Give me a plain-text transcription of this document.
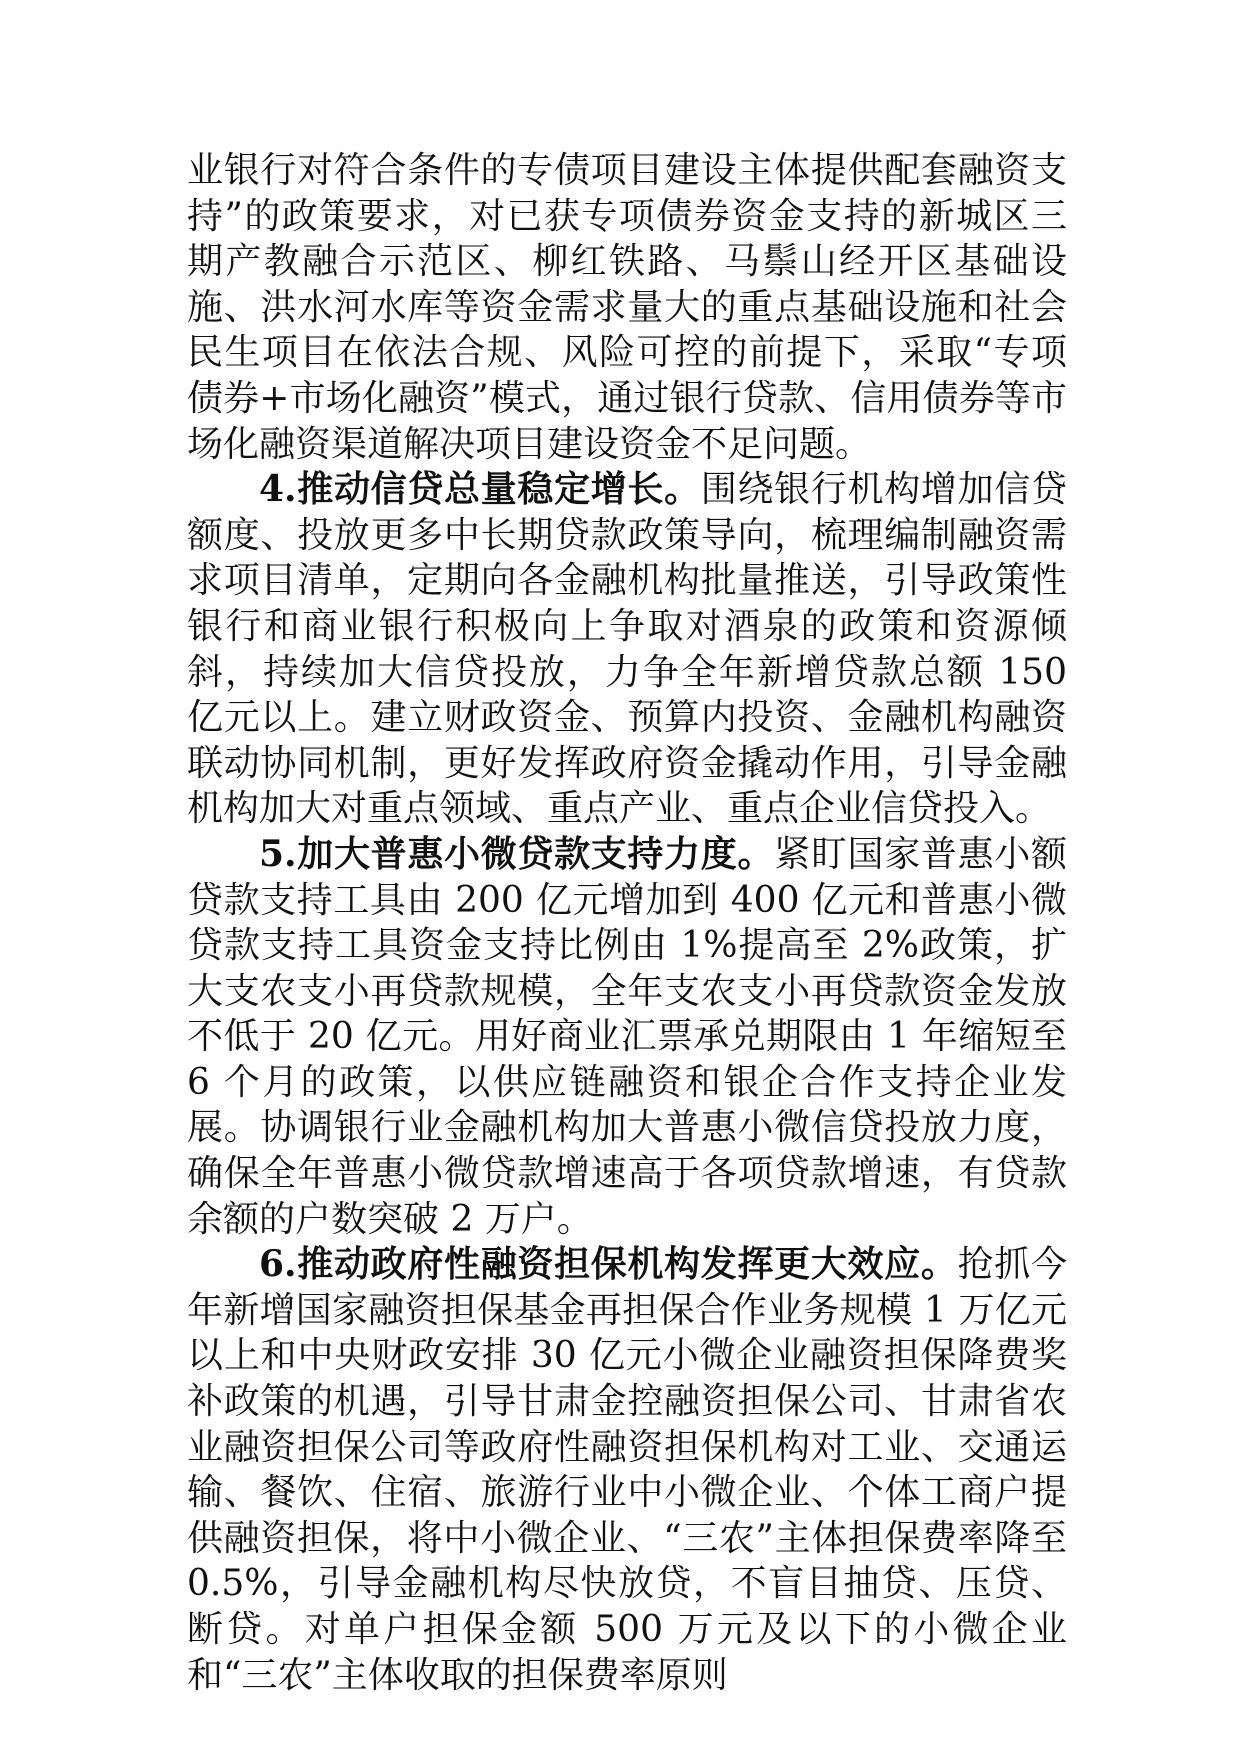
业银行对符合条件的专债项目建设主体提供配套融资支持”的政策要求，对已获专项债券资金支持的新城区三期产教融合示范区、柳红铁路、马鬃山经开区基础设施、洪水河水库等资金需求量大的重点基础设施和社会民生项目在依法合规、风险可控的前提下，采取“专项债券+市场化融资”模式，通过银行贷款、信用债券等市场化融资渠道解决项目建设资金不足问题。

4.推动信贷总量稳定增长。围绕银行机构增加信贷额度、投放更多中长期贷款政策导向，梳理编制融资需求项目清单，定期向各金融机构批量推送，引导政策性银行和商业银行积极向上争取对酒泉的政策和资源倾斜，持续加大信贷投放，力争全年新增贷款总额 150 亿元以上。建立财政资金、预算内投资、金融机构融资联动协同机制，更好发挥政府资金撬动作用，引导金融机构加大对重点领域、重点产业、重点企业信贷投入。

5.加大普惠小微贷款支持力度。紧盯国家普惠小额贷款支持工具由 200 亿元增加到 400 亿元和普惠小微贷款支持工具资金支持比例由 1%提高至 2%政策，扩大支农支小再贷款规模，全年支农支小再贷款资金发放不低于 20 亿元。用好商业汇票承兑期限由 1 年缩短至 6 个月的政策，以供应链融资和银企合作支持企业发展。协调银行业金融机构加大普惠小微信贷投放力度，确保全年普惠小微贷款增速高于各项贷款增速，有贷款余额的户数突破 2 万户。

6.推动政府性融资担保机构发挥更大效应。抢抓今年新增国家融资担保基金再担保合作业务规模 1 万亿元以上和中央财政安排 30 亿元小微企业融资担保降费奖补政策的机遇，引导甘肃金控融资担保公司、甘肃省农业融资担保公司等政府性融资担保机构对工业、交通运输、餐饮、住宿、旅游行业中小微企业、个体工商户提供融资担保，将中小微企业、“三农”主体担保费率降至 0.5%，引导金融机构尽快放贷，不盲目抽贷、压贷、断贷。对单户担保金额 500 万元及以下的小微企业和“三农”主体收取的担保费率原则
